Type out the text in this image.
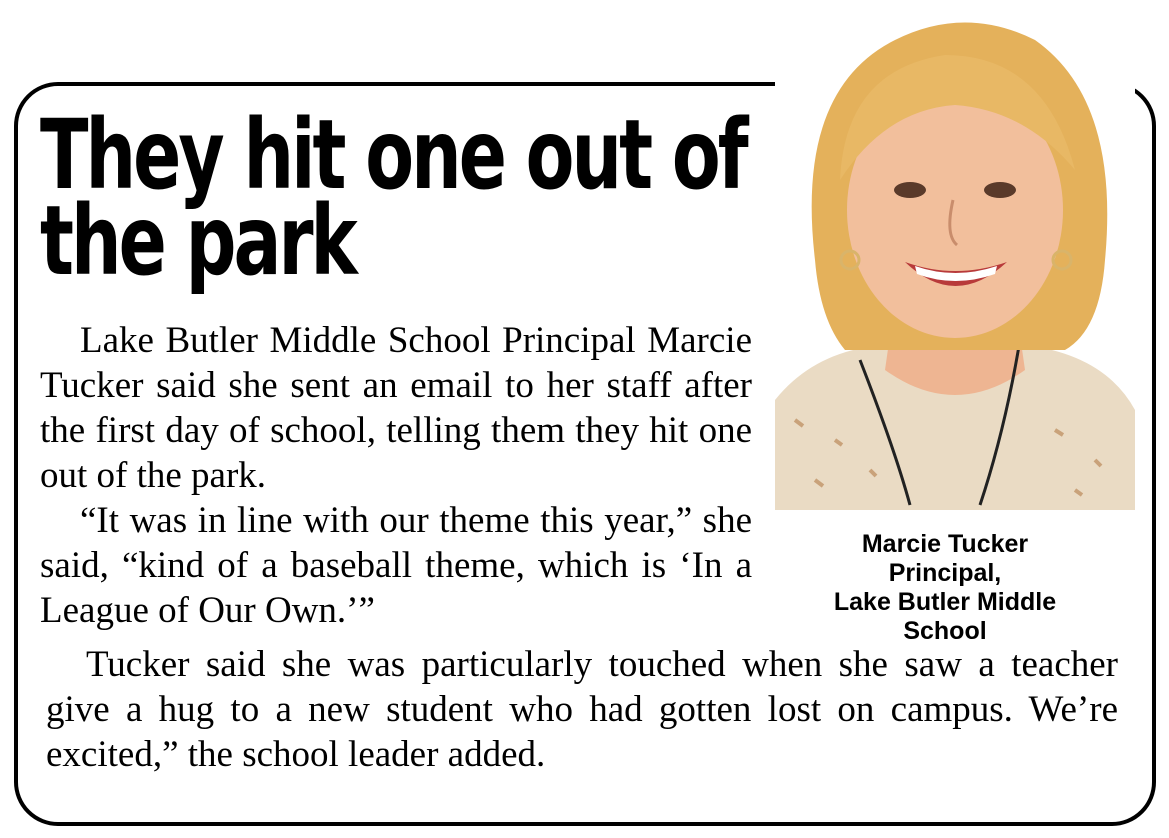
They hit one out of
the park

Lake Butler Middle School Principal Marcie Tucker said she sent an email to her staff after the first day of school, telling them they hit one out of the park.

“It was in line with our theme this year,” she said, “kind of a baseball theme, which is ‘In a League of Our Own.’”

Tucker said she was particularly touched when she saw a teacher give a hug to a new student who had gotten lost on campus. We’re excited,” the school leader added.

Marcie Tucker
Principal,
Lake Butler Middle School
